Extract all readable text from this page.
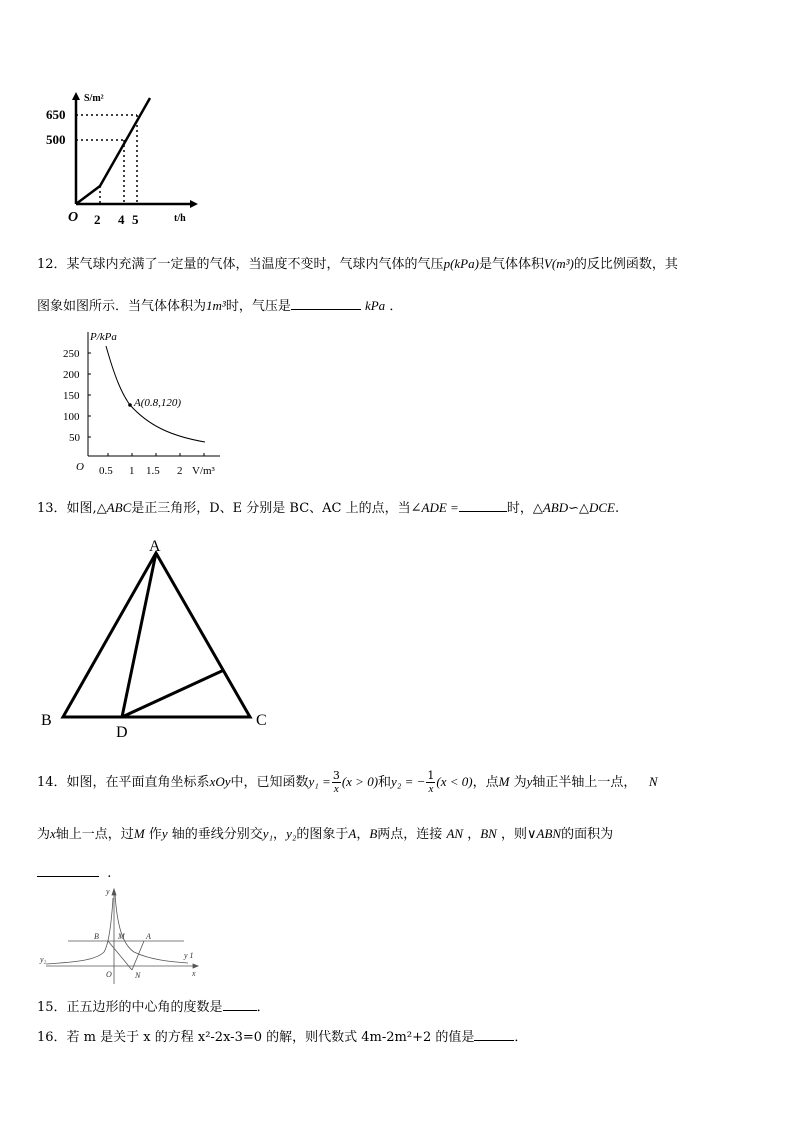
S/m²
650
500
O 2 4 5	t/h
12．某气球内充满了一定量的气体，当温度不变时，气球内气体的气压p(kPa)是气体体积V(m³)的反比例函数，其
图象如图所示．当气体体积为1m³时，气压是	kPa ．
P/kPa
250
200
150
100
50
O 0.5 1 1.5 2 V/m³
A(0.8,120)
13．如图,△ABC是正三角形，D、E 分别是 BC、AC 上的点，当∠ADE =	时，△ABD∽△DCE.
A
B	C
D
14．如图，在平面直角坐标系xOy中，已知函数$y_1 = \frac{3}{x} (x > 0)$和y₂ = − $\frac{1}{x} (x < 0)$，点M 为y轴正半轴上一点， N
为x轴上一点，过M 作y 轴的垂线分别交y₁，y₂的图象于A，B两点，连接 AN ，BN ，则∨ABN的面积为
.
y
x
O	N
B M	A
y 1
y₂
15．正五边形的中心角的度数是	．
16．若 m 是关于 x 的方程 x²-2x-3=0 的解，则代数式 4m-2m²+2 的值是	．
